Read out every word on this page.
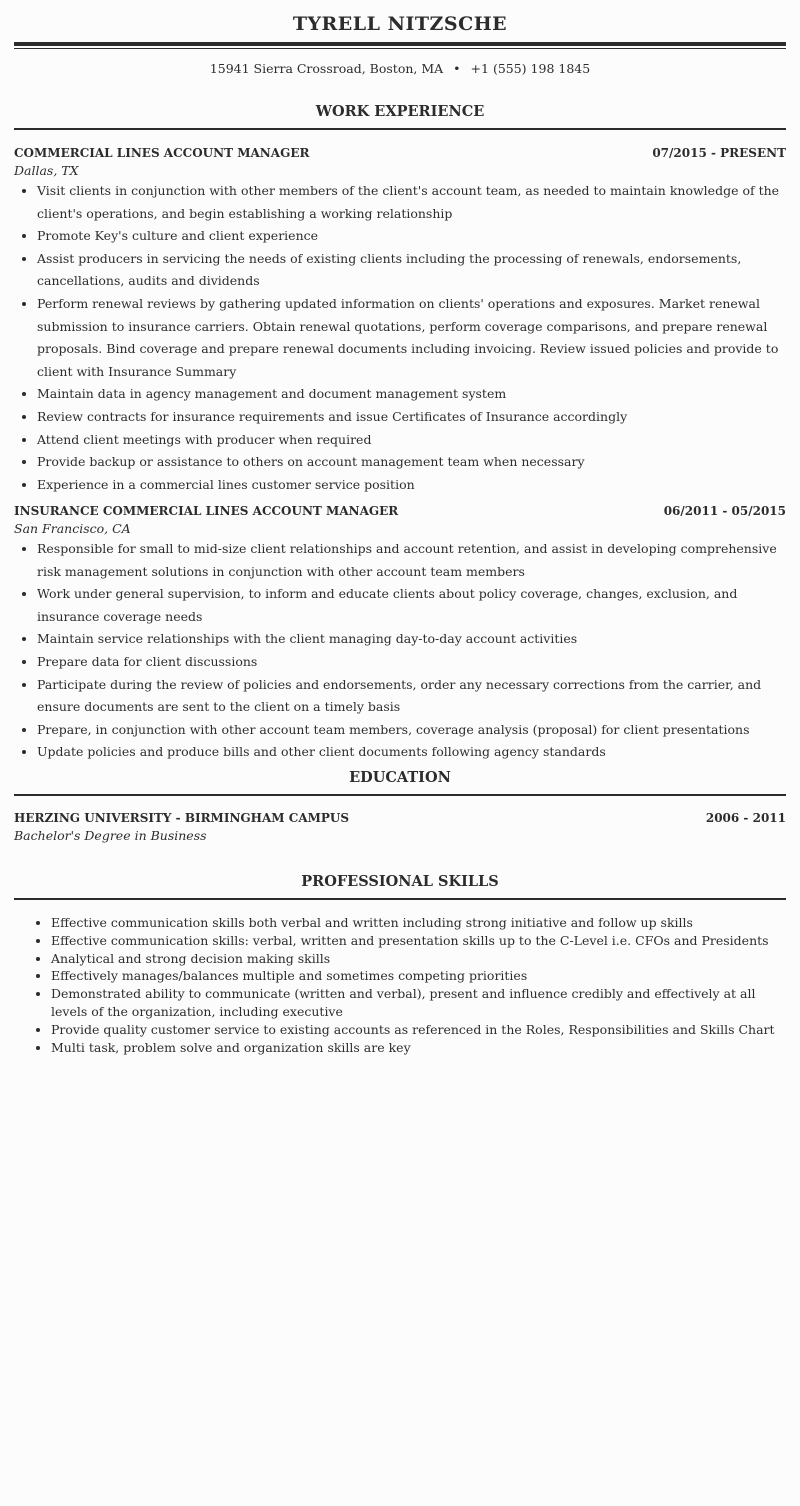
TYRELL NITZSCHE
15941 Sierra Crossroad, Boston, MA • +1 (555) 198 1845
WORK EXPERIENCE
COMMERCIAL LINES ACCOUNT MANAGER	07/2015 - PRESENT
Dallas, TX
• Visit clients in conjunction with other members of the client's account team, as needed to maintain knowledge of the client's operations, and begin establishing a working relationship
• Promote Key's culture and client experience
• Assist producers in servicing the needs of existing clients including the processing of renewals, endorsements, cancellations, audits and dividends
• Perform renewal reviews by gathering updated information on clients' operations and exposures. Market renewal submission to insurance carriers. Obtain renewal quotations, perform coverage comparisons, and prepare renewal proposals. Bind coverage and prepare renewal documents including invoicing. Review issued policies and provide to client with Insurance Summary
• Maintain data in agency management and document management system
• Review contracts for insurance requirements and issue Certificates of Insurance accordingly
• Attend client meetings with producer when required
• Provide backup or assistance to others on account management team when necessary
• Experience in a commercial lines customer service position
INSURANCE COMMERCIAL LINES ACCOUNT MANAGER	06/2011 - 05/2015
San Francisco, CA
• Responsible for small to mid-size client relationships and account retention, and assist in developing comprehensive risk management solutions in conjunction with other account team members
• Work under general supervision, to inform and educate clients about policy coverage, changes, exclusion, and insurance coverage needs
• Maintain service relationships with the client managing day-to-day account activities
• Prepare data for client discussions
• Participate during the review of policies and endorsements, order any necessary corrections from the carrier, and ensure documents are sent to the client on a timely basis
• Prepare, in conjunction with other account team members, coverage analysis (proposal) for client presentations
• Update policies and produce bills and other client documents following agency standards
EDUCATION
HERZING UNIVERSITY - BIRMINGHAM CAMPUS	2006 - 2011
Bachelor's Degree in Business
PROFESSIONAL SKILLS
• Effective communication skills both verbal and written including strong initiative and follow up skills
• Effective communication skills: verbal, written and presentation skills up to the C-Level i.e. CFOs and Presidents
• Analytical and strong decision making skills
• Effectively manages/balances multiple and sometimes competing priorities
• Demonstrated ability to communicate (written and verbal), present and influence credibly and effectively at all levels of the organization, including executive
• Provide quality customer service to existing accounts as referenced in the Roles, Responsibilities and Skills Chart
• Multi task, problem solve and organization skills are key
